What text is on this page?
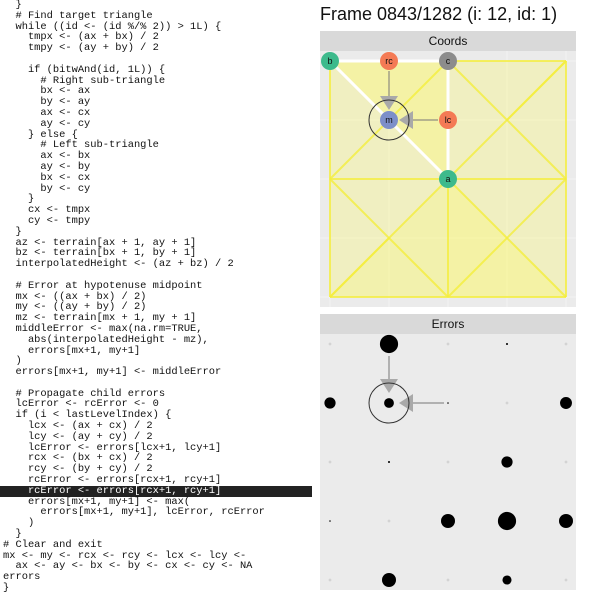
}
# Find target triangle
while ((id <- (id %/% 2)) > 1L) {
tmpx <- (ax + bx) / 2
tmpy <- (ay + by) / 2
if (bitwAnd(id, 1L)) {
# Right sub-triangle
bx <- ax
by <- ay
ax <- cx
ay <- cy
} else {
# Left sub-triangle
ax <- bx
ay <- by
bx <- cx
by <- cy
}
cx <- tmpx
cy <- tmpy
}
az <- terrain[ax + 1, ay + 1]
bz <- terrain[bx + 1, by + 1]
interpolatedHeight <- (az + bz) / 2
# Error at hypotenuse midpoint
mx <- ((ax + bx) / 2)
my <- ((ay + by) / 2)
mz <- terrain[mx + 1, my + 1]
middleError <- max(na.rm=TRUE,
abs(interpolatedHeight - mz),
errors[mx+1, my+1]
)
errors[mx+1, my+1] <- middleError
# Propagate child errors
lcError <- rcError <- 0
if (i < lastLevelIndex) {
lcx <- (ax + cx) / 2
lcy <- (ay + cy) / 2
lcError <- errors[lcx+1, lcy+1]
rcx <- (bx + cx) / 2
rcy <- (by + cy) / 2
rcError <- errors[rcx+1, rcy+1]
rcError <- errors[rcx+1, rcy+1]
errors[mx+1, my+1] <- max(
errors[mx+1, my+1], lcError, rcError
)
}
# Clear and exit
mx <- my <- rcx <- rcy <- lcx <- lcy <-
ax <- ay <- bx <- by <- cx <- cy <- NA
errors
}
Frame 0843/1282 (i: 12, id: 1)
Coords
b	rc	c
m	lc
a
Errors
